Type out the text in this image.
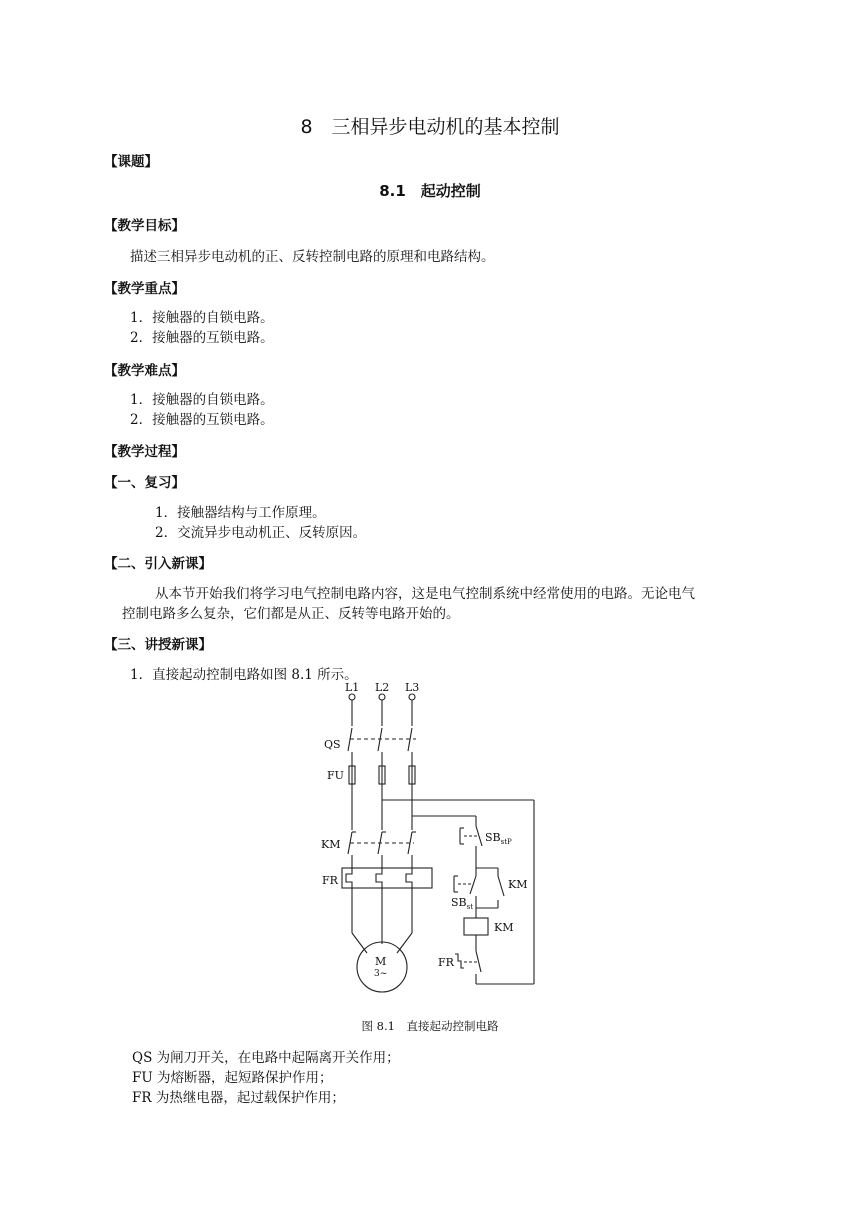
8　三相异步电动机的基本控制
【课题】
8.1　起动控制
【教学目标】
描述三相异步电动机的正、反转控制电路的原理和电路结构。
【教学重点】
1．接触器的自锁电路。
2．接触器的互锁电路。
【教学难点】
1．接触器的自锁电路。
2．接触器的互锁电路。
【教学过程】
【一、复习】
1．接触器结构与工作原理。
2．交流异步电动机正、反转原因。
【二、引入新课】
从本节开始我们将学习电气控制电路内容，这是电气控制系统中经常使用的电路。无论电气
控制电路多么复杂，它们都是从正、反转等电路开始的。
【三、讲授新课】
1．直接起动控制电路如图 8.1 所示。
L1 L2 L3
QS
FU
KM
FR
M
3~
$SB_{stP}$
$SB_{st}$
KM
KM
FR
图 8.1　直接起动控制电路
QS 为闸刀开关，在电路中起隔离开关作用；
FU 为熔断器，起短路保护作用；
FR 为热继电器，起过载保护作用；
